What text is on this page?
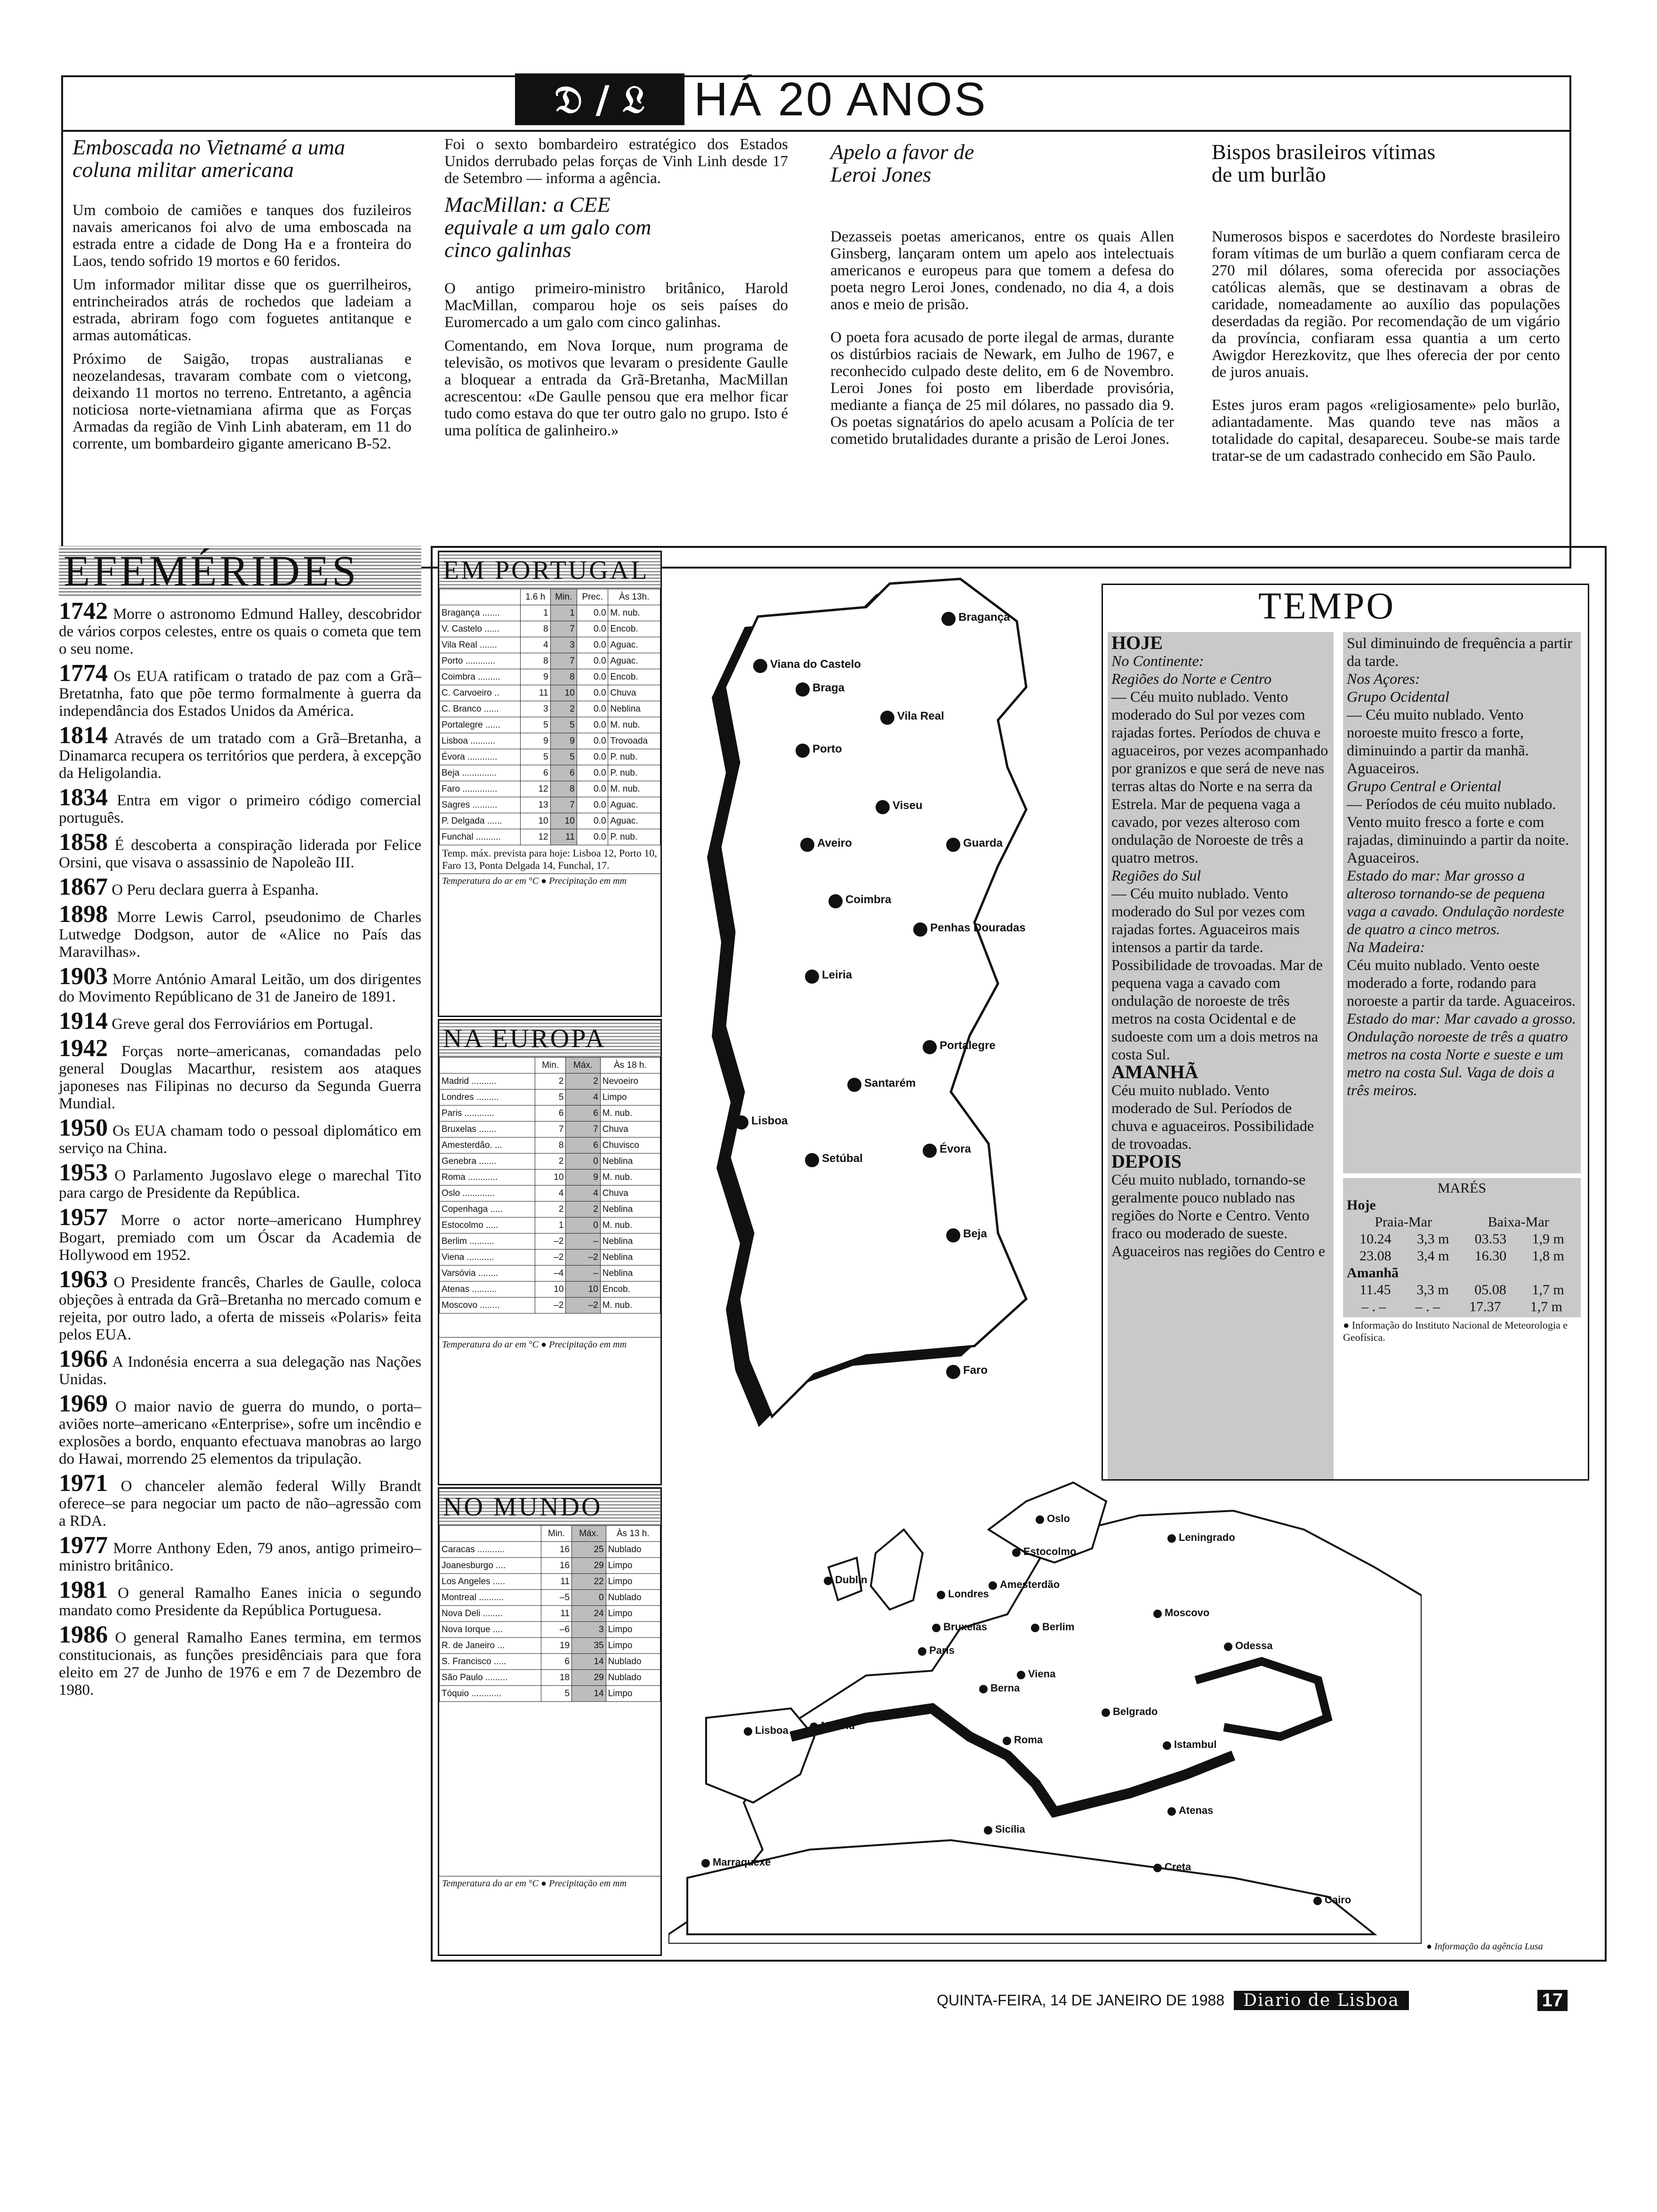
𝔇 / 𝔏	HÁ 20 ANOS
Emboscada no Vietnamé a uma coluna militar americana

Um comboio de camiões e tanques dos fuzileiros navais americanos foi alvo de uma emboscada na estrada entre a cidade de Dong Ha e a fronteira do Laos, tendo sofrido 19 mortos e 60 feridos.

Um informador militar disse que os guerrilheiros, entrincheirados atrás de rochedos que ladeiam a estrada, abriram fogo com foguetes antitanque e armas automáticas.

Próximo de Saigão, tropas australianas e neozelandesas, travaram combate com o vietcong, deixando 11 mortos no terreno. Entretanto, a agência noticiosa norte-vietnamiana afirma que as Forças Armadas da região de Vinh Linh abateram, em 11 do corrente, um bombardeiro gigante americano B-52.

Foi o sexto bombardeiro estratégico dos Estados Unidos derrubado pelas forças de Vinh Linh desde 17 de Setembro — informa a agência.

MacMillan: a CEE equivale a um galo com cinco galinhas

O antigo primeiro-ministro britânico, Harold MacMillan, comparou hoje os seis países do Euromercado a um galo com cinco galinhas.

Comentando, em Nova Iorque, num programa de televisão, os motivos que levaram o presidente Gaulle a bloquear a entrada da Grã-Bretanha, MacMillan acrescentou: «De Gaulle pensou que era melhor ficar tudo como estava do que ter outro galo no grupo. Isto é uma política de galinheiro.»

Apelo a favor de Leroi Jones

Dezasseis poetas americanos, entre os quais Allen Ginsberg, lançaram ontem um apelo aos intelectuais americanos e europeus para que tomem a defesa do poeta negro Leroi Jones, condenado, no dia 4, a dois anos e meio de prisão.

O poeta fora acusado de porte ilegal de armas, durante os distúrbios raciais de Newark, em Julho de 1967, e reconhecido culpado deste delito, em 6 de Novembro. Leroi Jones foi posto em liberdade provisória, mediante a fiança de 25 mil dólares, no passado dia 9. Os poetas signatários do apelo acusam a Polícia de ter cometido brutalidades durante a prisão de Leroi Jones.

Bispos brasileiros vítimas de um burlão

Numerosos bispos e sacerdotes do Nordeste brasileiro foram vítimas de um burlão a quem confiaram cerca de 270 mil dólares, soma oferecida por associações católicas alemãs, que se destinavam a obras de caridade, nomeadamente ao auxílio das populações deserdadas da região. Por recomendação de um vigário da província, confiaram essa quantia a um certo Awigdor Herezkovitz, que lhes oferecia der por cento de juros anuais.

Estes juros eram pagos «religiosamente» pelo burlão, adiantadamente. Mas quando teve nas mãos a totalidade do capital, desapareceu. Soube-se mais tarde tratar-se de um cadastrado conhecido em São Paulo.

EFEMÉRIDES
1742 Morre o astronomo Edmund Halley, descobridor de vários corpos celestes, entre os quais o cometa que tem o seu nome.
1774 Os EUA ratificam o tratado de paz com a Grã–Bretatnha, fato que põe termo formalmente à guerra da independância dos Estados Unidos da América.
1814 Através de um tratado com a Grã–Bretanha, a Dinamarca recupera os territórios que perdera, à excepção da Heligolandia.
1834 Entra em vigor o primeiro código comercial português.
1858 É descoberta a conspiração liderada por Felice Orsini, que visava o assassinio de Napoleão III.
1867 O Peru declara guerra à Espanha.
1898 Morre Lewis Carrol, pseudonimo de Charles Lutwedge Dodgson, autor de «Alice no País das Maravilhas».
1903 Morre António Amaral Leitão, um dos dirigentes do Movimento Repúblicano de 31 de Janeiro de 1891.
1914 Greve geral dos Ferroviários em Portugal.
1942 Forças norte–americanas, comandadas pelo general Douglas Macarthur, resistem aos ataques japoneses nas Filipinas no decurso da Segunda Guerra Mundial.
1950 Os EUA chamam todo o pessoal diplomático em serviço na China.
1953 O Parlamento Jugoslavo elege o marechal Tito para cargo de Presidente da República.
1957 Morre o actor norte–americano Humphrey Bogart, premiado com um Óscar da Academia de Hollywood em 1952.
1963 O Presidente francês, Charles de Gaulle, coloca objeções à entrada da Grã–Bretanha no mercado comum e rejeita, por outro lado, a oferta de misseis «Polaris» feita pelos EUA.
1966 A Indonésia encerra a sua delegação nas Nações Unidas.
1969 O maior navio de guerra do mundo, o porta–aviões norte–americano «Enterprise», sofre um incêndio e explosões a bordo, enquanto efectuava manobras ao largo do Hawai, morrendo 25 elementos da tripulação.
1971 O chanceler alemão federal Willy Brandt oferece–se para negociar um pacto de não–agressão com a RDA.
1977 Morre Anthony Eden, 79 anos, antigo primeiro–ministro britânico.
1981 O general Ramalho Eanes inicia o segundo mandato como Presidente da República Portuguesa.
1986 O general Ramalho Eanes termina, em termos constitucionais, as funções presidênciais para que fora eleito em 27 de Junho de 1976 e em 7 de Dezembro de 1980.
EM PORTUGAL
	1.6 h	Min.	Prec.	Às 13h.
Bragança .......	1	1	0.0	M. nub.
V. Castelo ......	8	7	0.0	Encob.
Vila Real .......	4	3	0.0	Aguac.
Porto ............	8	7	0.0	Aguac.
Coimbra .........	9	8	0.0	Encob.
C. Carvoeiro ..	11	10	0.0	Chuva
C. Branco ......	3	2	0.0	Neblina
Portalegre ......	5	5	0.0	M. nub.
Lisboa ..........	9	9	0.0	Trovoada
Évora ............	5	5	0.0	P. nub.
Beja ..............	6	6	0.0	P. nub.
Faro ..............	12	8	0.0	M. nub.
Sagres ..........	13	7	0.0	Aguac.
P. Delgada ......	10	10	0.0	Aguac.
Funchal ..........	12	11	0.0	P. nub.
Temp. máx. prevista para hoje: Lisboa 12, Porto 10, Faro 13, Ponta Delgada 14, Funchal, 17.
Temperatura do ar em °C ● Precipitação em mm
NA EUROPA
	Min.	Máx.	Às 18 h.
Madrid ..........	2	2	Nevoeiro
Londres .........	5	4	Limpo
Paris ............	6	6	M. nub.
Bruxelas .......	7	7	Chuva
Amesterdão. ...	8	6	Chuvisco
Genebra .......	2	0	Neblina
Roma ............	10	9	M. nub.
Oslo .............	4	4	Chuva
Copenhaga .....	2	2	Neblina
Estocolmo .....	1	0	M. nub.
Berlim ..........	–2	–	Neblina
Viena ...........	–2	–2	Neblina
Varsóvia ........	–4	–	Neblina
Atenas ..........	10	10	Encob.
Moscovo ........	–2	–2	M. nub.
Temperatura do ar em °C ● Precipitação em mm
NO MUNDO
	Min.	Máx.	Às 13 h.
Caracas ...........	16	25	Nublado
Joanesburgo ....	16	29	Limpo
Los Angeles .....	11	22	Limpo
Montreal ..........	–5	0	Nublado
Nova Deli ........	11	24	Limpo
Nova Iorque ....	–6	3	Limpo
R. de Janeiro ...	19	35	Limpo
S. Francisco .....	6	14	Nublado
São Paulo .........	18	29	Nublado
Tóquio ............	5	14	Limpo
Temperatura do ar em °C ● Precipitação em mm
Bragança
Viana do Castelo
Braga
Vila Real
Porto
Viseu
Aveiro	Guarda
Coimbra
Penhas Douradas
Leiria
Portalegre
Santarém
Lisboa
Setúbal
Évora
Beja
Faro
Oslo
Estocolmo
Leningrado
Dublin
Londres
Amesterdão
Berlim
Moscovo
Bruxelas
Paris	Odessa
Viena
Berna
Belgrado
Lisboa	Madrid
Roma	Istambul
Atenas
Sicília
Creta
Marraquexe
Cairo
● Informação da agência Lusa
TEMPO
HOJE
No Continente:
Regiões do Norte e Centro
— Céu muito nublado. Vento moderado do Sul por vezes com rajadas fortes. Períodos de chuva e aguaceiros, por vezes acompanhado por granizos e que será de neve nas terras altas do Norte e na serra da Estrela. Mar de pequena vaga a cavado, por vezes alteroso com ondulação de Noroeste de três a quatro metros.
Regiões do Sul
— Céu muito nublado. Vento moderado do Sul por vezes com rajadas fortes. Aguaceiros mais intensos a partir da tarde. Possibilidade de trovoadas. Mar de pequena vaga a cavado com ondulação de noroeste de três metros na costa Ocidental e de sudoeste com um a dois metros na costa Sul.
AMANHÃ
Céu muito nublado. Vento moderado de Sul. Períodos de chuva e aguaceiros. Possibilidade de trovoadas.
DEPOIS
Céu muito nublado, tornando-se geralmente pouco nublado nas regiões do Norte e Centro. Vento fraco ou moderado de sueste. Aguaceiros nas regiões do Centro e
Sul diminuindo de frequência a partir da tarde.
Nos Açores:
Grupo Ocidental
— Céu muito nublado. Vento noroeste muito fresco a forte, diminuindo a partir da manhã. Aguaceiros.
Grupo Central e Oriental
— Períodos de céu muito nublado. Vento muito fresco a forte e com rajadas, diminuindo a partir da noite. Aguaceiros.
Estado do mar: Mar grosso a alteroso tornando-se de pequena vaga a cavado. Ondulação nordeste de quatro a cinco metros.
Na Madeira:
Céu muito nublado. Vento oeste moderado a forte, rodando para noroeste a partir da tarde. Aguaceiros.
Estado do mar: Mar cavado a grosso. Ondulação noroeste de três a quatro metros na costa Norte e sueste e um metro na costa Sul. Vaga de dois a três meiros.
MARÉS
Hoje
Praia-Mar	Baixa-Mar
10.24 3,3 m 03.53 1,9 m
23.08 3,4 m 16.30 1,8 m
Amanhã
11.45 3,3 m 05.08 1,7 m
– . – – . – 17.37 1,7 m
● Informação do Instituto Nacional de Meteorologia e Geofísica.
QUINTA-FEIRA, 14 DE JANEIRO DE 1988	Diario de Lisboa	17
